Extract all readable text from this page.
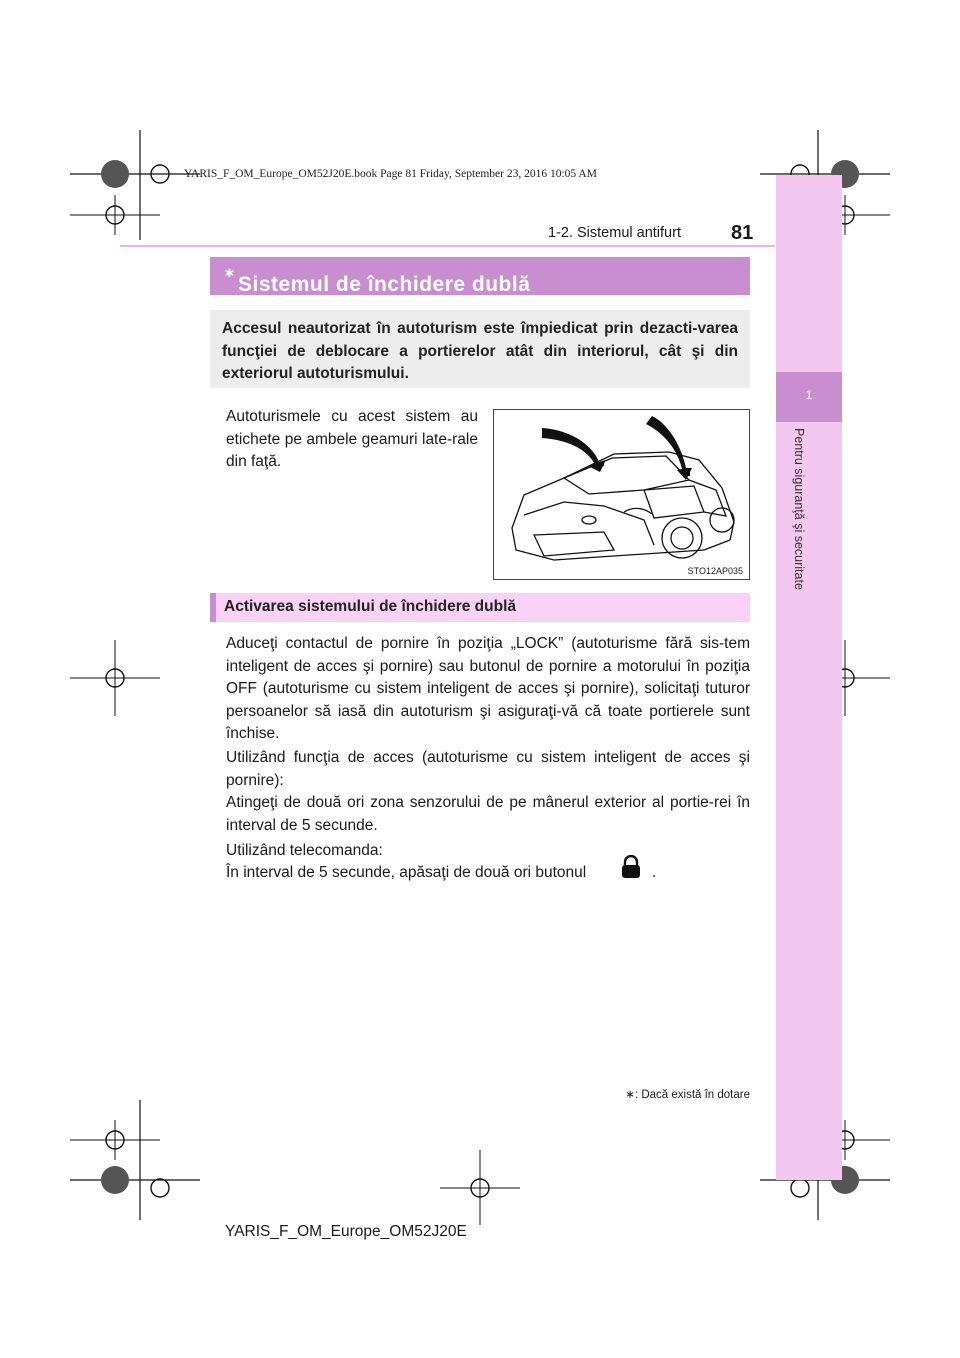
1
Pentru siguranţă şi securitate
YARIS_F_OM_Europe_OM52J20E.book Page 81 Friday, September 23, 2016 10:05 AM
1-2. Sistemul antifurt	81
Sistemul de închidere dublă
∗

Accesul neautorizat în autoturism este împiedicat prin dezacti-varea funcţiei de deblocare a portierelor atât din interiorul, cât şi din exteriorul autoturismului.

Autoturismele cu acest sistem au etichete pe ambele geamuri late-rale din faţă.

STO12AP035
Activarea sistemului de închidere dublă

Aduceţi contactul de pornire în poziţia „LOCK” (autoturisme fără sis-tem inteligent de acces şi pornire) sau butonul de pornire a motorului în poziţia OFF (autoturisme cu sistem inteligent de acces şi pornire), solicitaţi tuturor persoanelor să iasă din autoturism şi asiguraţi-vă că toate portierele sunt închise.

Utilizând funcţia de acces (autoturisme cu sistem inteligent de acces şi pornire):

Atingeţi de două ori zona senzorului de pe mânerul exterior al portie-rei în interval de 5 secunde.

Utilizând telecomanda:

În interval de 5 secunde, apăsaţi de două ori butonul	.
∗: Dacă există în dotare
YARIS_F_OM_Europe_OM52J20E
